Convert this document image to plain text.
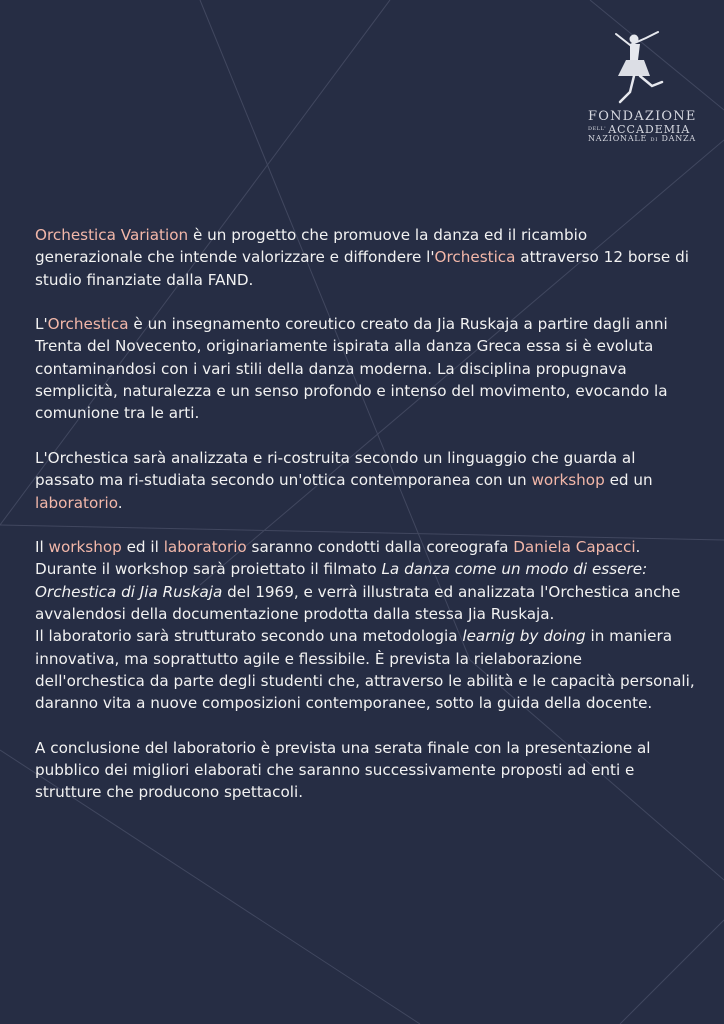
FONDAZIONE
$^{DELL'}$ ACCADEMIA
NAZIONALE DI DANZA

Orchestica Variation è un progetto che promuove la danza ed il ricambio generazionale che intende valorizzare e diffondere l'Orchestica attraverso 12 borse di studio finanziate dalla FAND.

L'Orchestica è un insegnamento coreutico creato da Jia Ruskaja a partire dagli anni Trenta del Novecento, originariamente ispirata alla danza Greca essa si è evoluta contaminandosi con i vari stili della danza moderna. La disciplina propugnava semplicità, naturalezza e un senso profondo e intenso del movimento, evocando la comunione tra le arti.

L'Orchestica sarà analizzata e ri-costruita secondo un linguaggio che guarda al passato ma ri-studiata secondo un'ottica contemporanea con un workshop ed un laboratorio.

Il workshop ed il laboratorio saranno condotti dalla coreografa Daniela Capacci.
Durante il workshop sarà proiettato il filmato La danza come un modo di essere: Orchestica di Jia Ruskaja del 1969, e verrà illustrata ed analizzata l'Orchestica anche avvalendosi della documentazione prodotta dalla stessa Jia Ruskaja.
Il laboratorio sarà strutturato secondo una metodologia learnig by doing in maniera innovativa, ma soprattutto agile e flessibile. È prevista la rielaborazione dell'orchestica da parte degli studenti che, attraverso le abilità e le capacità personali, daranno vita a nuove composizioni contemporanee, sotto la guida della docente.

A conclusione del laboratorio è prevista una serata finale con la presentazione al pubblico dei migliori elaborati che saranno successivamente proposti ad enti e strutture che producono spettacoli.
